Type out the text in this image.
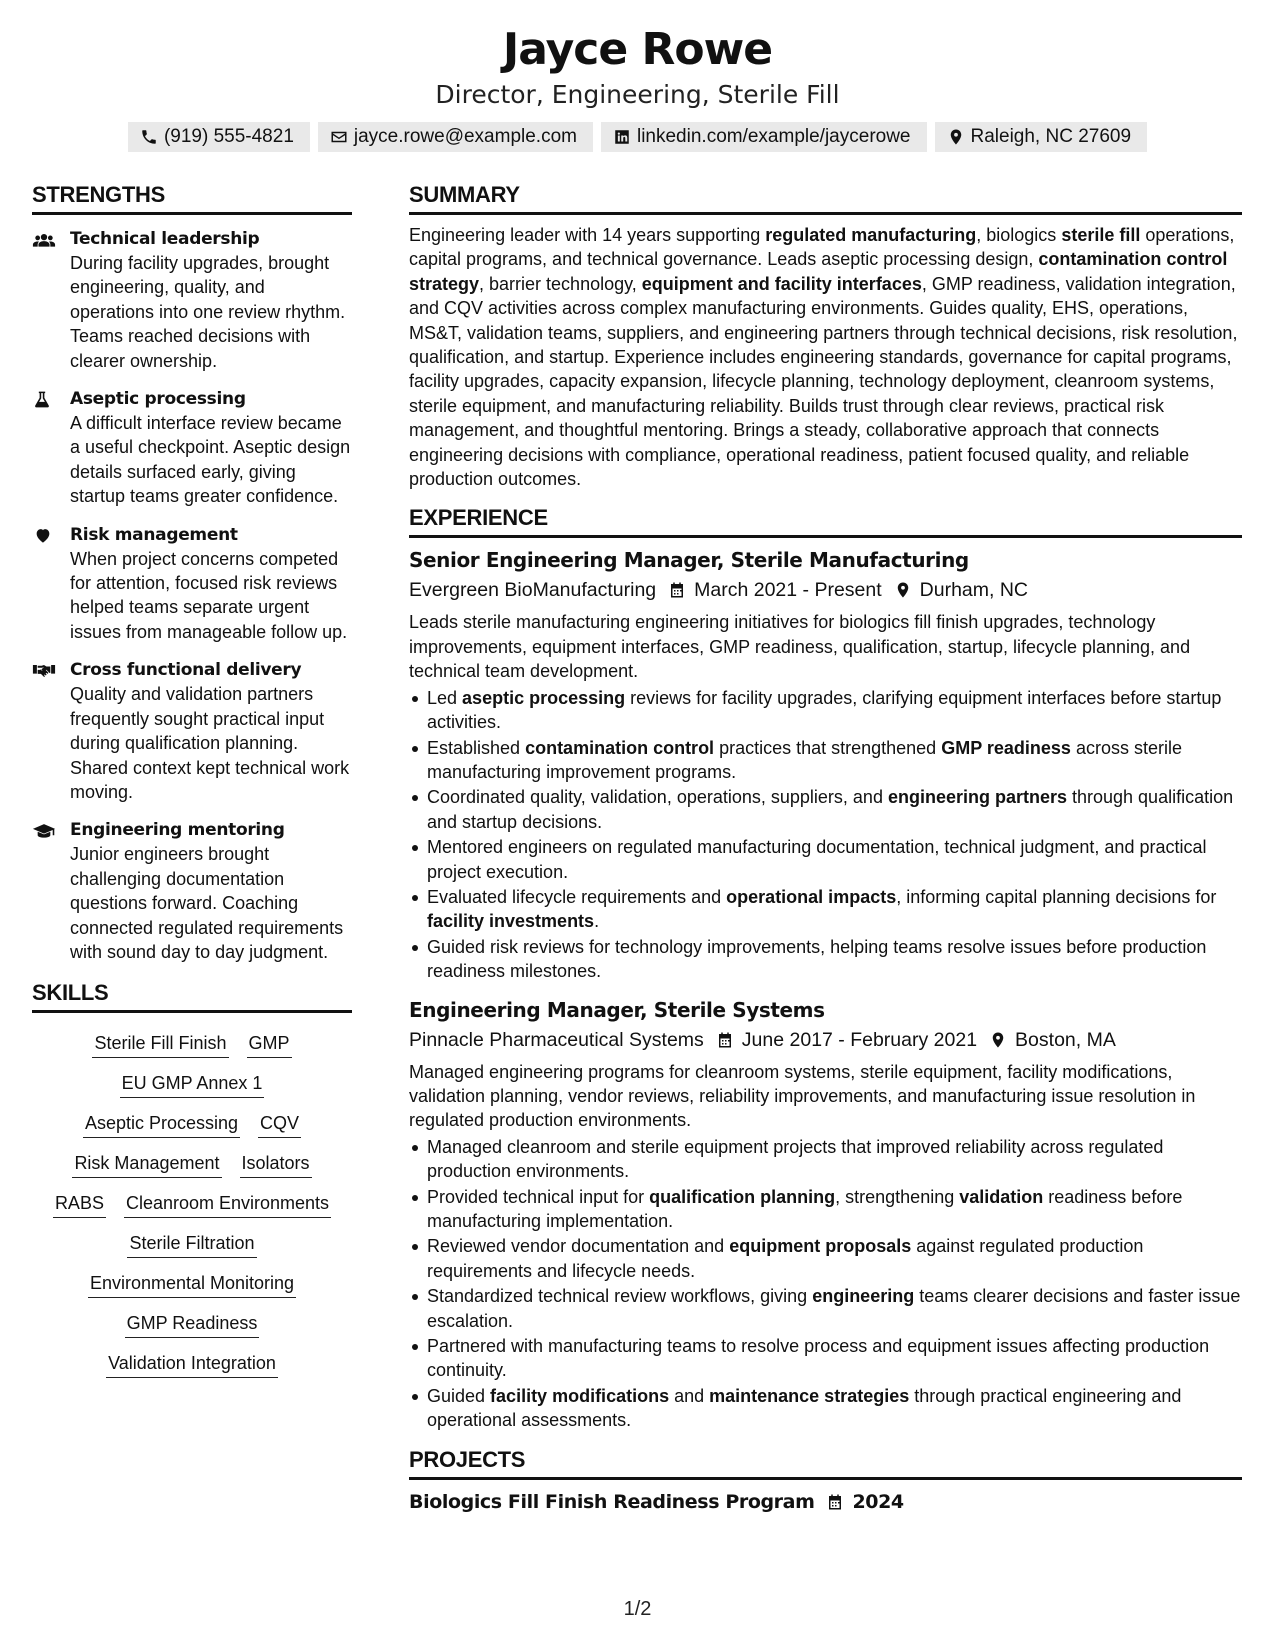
Jayce Rowe
Director, Engineering, Sterile Fill
(919) 555-4821	jayce.rowe@example.com	linkedin.com/example/jaycerowe	Raleigh, NC 27609
STRENGTHS
Technical leadership
During facility upgrades, brought engineering, quality, and operations into one review rhythm. Teams reached decisions with clearer ownership.
Aseptic processing
A difficult interface review became a useful checkpoint. Aseptic design details surfaced early, giving startup teams greater confidence.
Risk management
When project concerns competed for attention, focused risk reviews helped teams separate urgent issues from manageable follow up.
Cross functional delivery
Quality and validation partners frequently sought practical input during qualification planning. Shared context kept technical work moving.
Engineering mentoring
Junior engineers brought challenging documentation questions forward. Coaching connected regulated requirements with sound day to day judgment.
SKILLS
Sterile Fill Finish GMP
EU GMP Annex 1
Aseptic Processing CQV
Risk Management Isolators
RABS Cleanroom Environments
Sterile Filtration
Environmental Monitoring
GMP Readiness
Validation Integration
SUMMARY
Engineering leader with 14 years supporting regulated manufacturing, biologics sterile fill operations, capital programs, and technical governance. Leads aseptic processing design, contamination control strategy, barrier technology, equipment and facility interfaces, GMP readiness, validation integration, and CQV activities across complex manufacturing environments. Guides quality, EHS, operations, MS&T, validation teams, suppliers, and engineering partners through technical decisions, risk resolution, qualification, and startup. Experience includes engineering standards, governance for capital programs, facility upgrades, capacity expansion, lifecycle planning, technology deployment, cleanroom systems, sterile equipment, and manufacturing reliability. Builds trust through clear reviews, practical risk management, and thoughtful mentoring. Brings a steady, collaborative approach that connects engineering decisions with compliance, operational readiness, patient focused quality, and reliable production outcomes.
EXPERIENCE
Senior Engineering Manager, Sterile Manufacturing
Evergreen BioManufacturing March 2021 - Present Durham, NC
Leads sterile manufacturing engineering initiatives for biologics fill finish upgrades, technology improvements, equipment interfaces, GMP readiness, qualification, startup, lifecycle planning, and technical team development.
Led aseptic processing reviews for facility upgrades, clarifying equipment interfaces before startup activities.
Established contamination control practices that strengthened GMP readiness across sterile manufacturing improvement programs.
Coordinated quality, validation, operations, suppliers, and engineering partners through qualification and startup decisions.
Mentored engineers on regulated manufacturing documentation, technical judgment, and practical project execution.
Evaluated lifecycle requirements and operational impacts, informing capital planning decisions for facility investments.
Guided risk reviews for technology improvements, helping teams resolve issues before production readiness milestones.
Engineering Manager, Sterile Systems
Pinnacle Pharmaceutical Systems June 2017 - February 2021 Boston, MA
Managed engineering programs for cleanroom systems, sterile equipment, facility modifications, validation planning, vendor reviews, reliability improvements, and manufacturing issue resolution in regulated production environments.
Managed cleanroom and sterile equipment projects that improved reliability across regulated production environments.
Provided technical input for qualification planning, strengthening validation readiness before manufacturing implementation.
Reviewed vendor documentation and equipment proposals against regulated production requirements and lifecycle needs.
Standardized technical review workflows, giving engineering teams clearer decisions and faster issue escalation.
Partnered with manufacturing teams to resolve process and equipment issues affecting production continuity.
Guided facility modifications and maintenance strategies through practical engineering and operational assessments.
PROJECTS
Biologics Fill Finish Readiness Program 2024
1/2
